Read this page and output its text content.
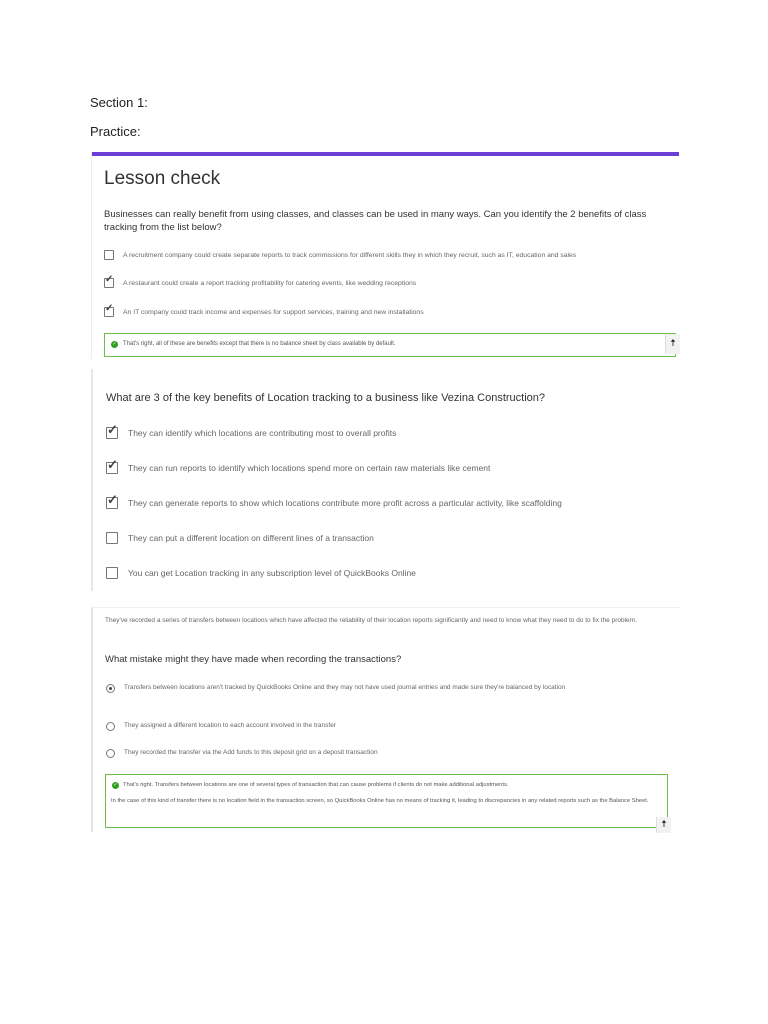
Section 1:
Practice:
Lesson check
Businesses can really benefit from using classes, and classes can be used in many ways. Can you identify the 2 benefits of class tracking from the list below?
A recruitment company could create separate reports to track commissions for different skills they in which they recruit, such as IT, education and sales
✓
A restaurant could create a report tracking profitability for catering events, like wedding receptions
✓
An IT company could track income and expenses for support services, training and new installations
✓ That's right, all of these are benefits except that there is no balance sheet by class available by default.	🠅
What are 3 of the key benefits of Location tracking to a business like Vezina Construction?
✓
They can identify which locations are contributing most to overall profits
✓
They can run reports to identify which locations spend more on certain raw materials like cement
✓
They can generate reports to show which locations contribute more profit across a particular activity, like scaffolding
They can put a different location on different lines of a transaction
You can get Location tracking in any subscription level of QuickBooks Online
They've recorded a series of transfers between locations which have affected the reliability of their location reports significantly and need to know what they need to do to fix the problem.
What mistake might they have made when recording the transactions?
Transfers between locations aren't tracked by QuickBooks Online and they may not have used journal entries and made sure they're balanced by location
They assigned a different location to each account involved in the transfer
They recorded the transfer via the Add funds to this deposit grid on a deposit transaction
✓ That's right. Transfers between locations are one of several types of transaction that can cause problems if clients do not make additional adjustments.
In the case of this kind of transfer there is no location field in the transaction screen, so QuickBooks Online has no means of tracking it, leading to discrepancies in any related reports such as the Balance Sheet.
🠅
